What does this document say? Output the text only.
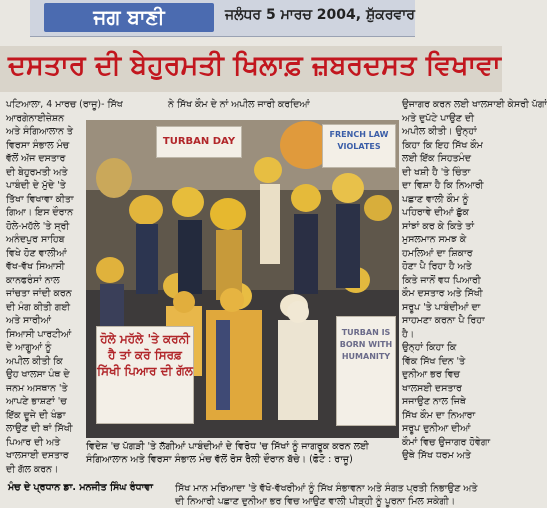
ਜਗ ਬਾਣੀ	ਜਲੰਧਰ 5 ਮਾਰਚ 2004, ਸ਼ੁੱਕਰਵਾਰ
ਦਸਤਾਰ ਦੀ ਬੇਹੁਰਮਤੀ ਖਿਲਾਫ਼ ਜ਼ਬਰਦਸਤ ਵਿਖਾਵਾ

ਪਟਿਆਲਾ, 4 ਮਾਰਚ (ਰਾਜੂ)- ਸਿੱਖ

ਆਰਗੇਨਾਈਜ਼ੇਸ਼ਨ

ਅਤੇ ਸੰਗਿਆਲਾਨ ਤੇ

ਵਿਰਸਾ ਸੰਭਾਲ ਮੰਚ

ਵੱਲੋਂ ਅੱਜ ਦਸਤਾਰ

ਦੀ ਬੇਹੁਰਮਤੀ ਅਤੇ

ਪਾਬੰਦੀ ਦੇ ਮੁੱਦੇ 'ਤੇ

ਤਿੱਖਾ ਵਿਖਾਵਾ ਕੀਤਾ

ਗਿਆ। ਇਸ ਦੌਰਾਨ

ਹੋਲੇ-ਮਹੱਲੇ 'ਤੇ ਸ੍ਰੀ

ਅਨੰਦਪੁਰ ਸਾਹਿਬ

ਵਿਖੇ ਹੋਣ ਵਾਲੀਆਂ

ਵੱਖ-ਵੱਖ ਸਿਆਸੀ

ਕਾਨਫਰੰਸਾਂ ਨਾਲ

ਜਾਂਚਤਾ ਜਾਂਦੀ ਕਰਨ

ਦੀ ਮੰਗ ਕੀਤੀ ਗਈ

ਅਤੇ ਸਾਰੀਆਂ

ਸਿਆਸੀ ਪਾਰਟੀਆਂ

ਦੇ ਆਗੂਆਂ ਨੂੰ

ਅਪੀਲ ਕੀਤੀ ਕਿ

ਉਹ ਖਾਲਸਾ ਪੰਥ ਦੇ

ਜਨਮ ਅਸਥਾਨ 'ਤੇ

ਆਪਣੇ ਭਾਸ਼ਣਾਂ 'ਚ

ਇੱਕ ਦੂਜੇ ਦੀ ਖੰਡਾ

ਲਾਉਣ ਦੀ ਥਾਂ ਸਿੱਖੀ

ਪਿਆਰ ਦੀ ਅਤੇ

ਖਾਲਸਾਈ ਦਸਤਾਰ

ਦੀ ਗੱਲ ਕਰਨ।

ਨੇ ਸਿੱਖ ਕੌਮ ਦੇ ਨਾਂ ਅਪੀਲ ਜਾਰੀ ਕਰਦਿਆਂ	ਉਜਾਗਰ ਕਰਨ ਲਈ ਖਾਲਸਾਈ ਕੇਸਰੀ ਪੱਗਾਂ

ਅਤੇ ਦੁਪੱਟੇ ਪਾਉਣ ਦੀ

ਅਪੀਲ ਕੀਤੀ। ਉਨ੍ਹਾਂ

ਕਿਹਾ ਕਿ ਇਹ ਸਿੱਖ ਕੌਮ

ਲਈ ਇੱਕ ਸਿਹਤਮੰਦ

ਦੀ ਖਸ਼ੀ ਹੈ 'ਤੇ ਚਿੰਤਾ

ਦਾ ਵਿਸ਼ਾ ਹੈ ਕਿ ਨਿਆਰੀ

ਪਛਾਣ ਵਾਲੀ ਕੌਮ ਨੂੰ

ਪਹਿਰਾਵੇ ਦੀਆਂ ਛੁੱਕ

ਸਾਂਝਾਂ ਕਰ ਕੇ ਕਿਤੇ ਤਾਂ

ਮੁਸਲਮਾਨ ਸਮਝ ਕੇ

ਹਮਲਿਆਂ ਦਾ ਸ਼ਿਕਾਰ

ਹੋਣਾ ਪੈ ਰਿਹਾ ਹੈ ਅਤੇ

ਕਿਤੇ ਜਾਨੋਂ ਵਧ ਪਿਆਰੀ

ਕੌਮ ਦਸਤਾਰ ਅਤੇ ਸਿੱਖੀ

ਸਰੂਪ 'ਤੇ ਪਾਬੰਦੀਆਂ ਦਾ

ਸਾਹਮਣਾ ਕਰਨਾ ਪੈ ਰਿਹਾ

ਹੈ।

ਉਨ੍ਹਾਂ ਕਿਹਾ ਕਿ

ਵਿੱਕ ਸਿੱਖ ਦਿਨ 'ਤੇ

ਦੁਨੀਆ ਭਰ ਵਿਚ

ਖਾਲਸਈ ਦਸਤਾਰ

ਸਜਾਉਣ ਨਾਲ ਜਿਥੇ

ਸਿੱਖ ਕੌਮ ਦਾ ਨਿਆਰਾ

ਸਰੂਪ ਦੁਨੀਆ ਦੀਆਂ

ਕੌਮਾਂ ਵਿਚ ਉਜਾਗਰ ਹੋਵੇਗਾ

ਉਥੇ ਸਿੱਖ ਧਰਮ ਅਤੇ

TURBAN DAY
FRENCH LAW VIOLATES
ਹੋਲੇ ਮਹੱਲੇ 'ਤੇ ਕਰਨੀ ਹੈ ਤਾਂ ਕਰੋ ਸਿਰਫ਼ ਸਿੱਖੀ ਪਿਆਰ ਦੀ ਗੱਲ
TURBAN IS BORN WITH HUMANITY

ਵਿਦੇਸ਼ 'ਚ ਪੱਗੜੀ 'ਤੇ ਲੱਗੀਆਂ ਪਾਬੰਦੀਆਂ ਦੇ ਵਿਰੋਧ 'ਚ ਸਿੱਖਾਂ ਨੂੰ ਜਾਗਰੂਕ ਕਰਨ ਲਈ

ਸੰਗਿਆਲਾਨ ਅਤੇ ਵਿਰਸਾ ਸੰਭਾਲ ਮੰਚ ਵੱਲੋਂ ਰੋਸ ਰੈਲੀ ਦੌਰਾਨ ਬੱਚੇ। (ਫੋਟੋ : ਰਾਜੂ)

ਮੰਚ ਦੇ ਪ੍ਰਧਾਨ ਡਾ. ਮਨਜੀਤ ਸਿੰਘ ਰੰਧਾਵਾ ਸਿੱਖ ਮਾਨ ਮਰਿਆਦਾ 'ਤੇ ਵੱਖੋ-ਵੱਖਰੀਆਂ ਨੂੰ ਸਿੱਖ ਸੰਭਾਵਨਾ ਅਤੇ ਸੰਗਤ ਪ੍ਰਤੀ ਨਿਭਾਉਣ ਅਤੇ

ਦੀ ਨਿਆਰੀ ਪਛਾਣ ਦੁਨੀਆ ਭਰ ਵਿਚ ਆਉਣ ਵਾਲੀ ਪੀੜ੍ਹੀ ਨੂੰ ਪੂਰਨਾ ਮਿਲ ਸਕੇਗੀ।
